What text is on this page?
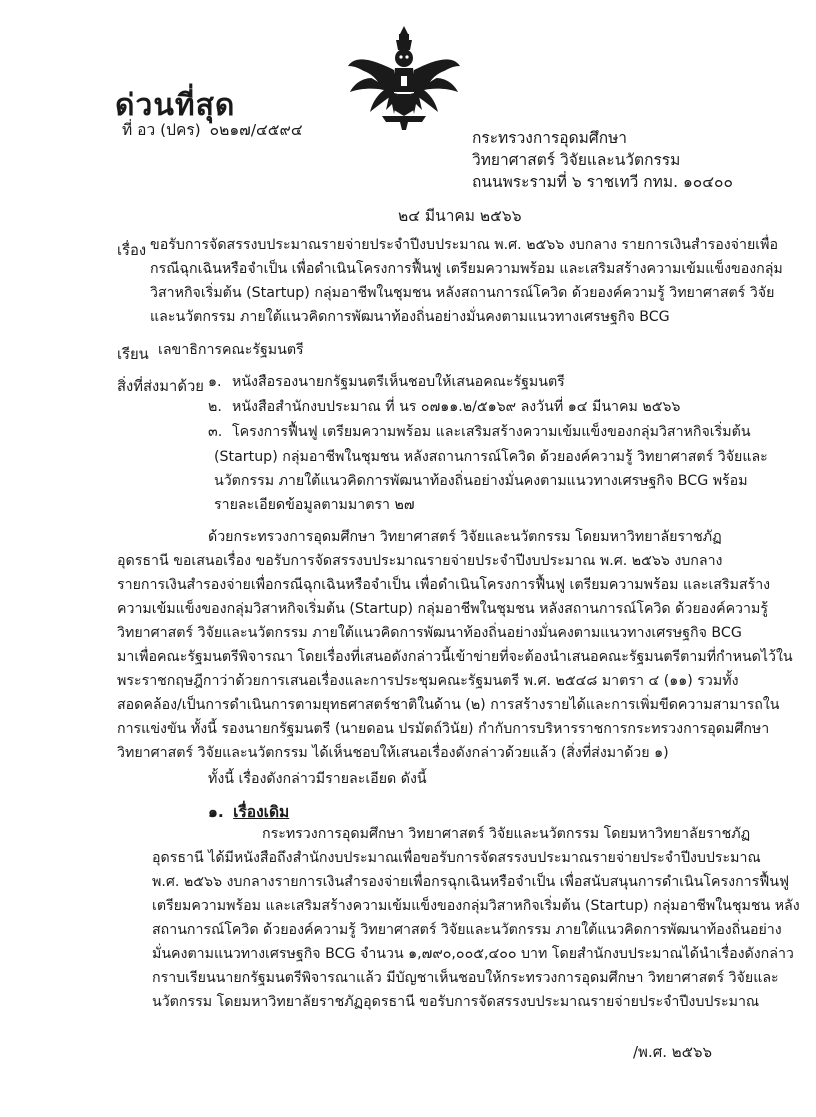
ด่วนที่สุด
ที่ อว (ปคร) ๐๒๑๗/๔๕๙๔	กระทรวงการอุดมศึกษา
วิทยาศาสตร์ วิจัยและนวัตกรรม
ถนนพระรามที่ ๖ ราชเทวี กทม. ๑๐๔๐๐
๒๔ มีนาคม ๒๕๖๖
เรื่อง ขอรับการจัดสรรงบประมาณรายจ่ายประจำปีงบประมาณ พ.ศ. ๒๕๖๖ งบกลาง รายการเงินสำรองจ่ายเพื่อ
กรณีฉุกเฉินหรือจำเป็น เพื่อดำเนินโครงการฟื้นฟู เตรียมความพร้อม และเสริมสร้างความเข้มแข็งของกลุ่ม
วิสาหกิจเริ่มต้น (Startup) กลุ่มอาชีพในชุมชน หลังสถานการณ์โควิด ด้วยองค์ความรู้ วิทยาศาสตร์ วิจัย
และนวัตกรรม ภายใต้แนวคิดการพัฒนาท้องถิ่นอย่างมั่นคงตามแนวทางเศรษฐกิจ BCG
เรียน เลขาธิการคณะรัฐมนตรี
สิ่งที่ส่งมาด้วย ๑. หนังสือรองนายกรัฐมนตรีเห็นชอบให้เสนอคณะรัฐมนตรี
๒. หนังสือสำนักงบประมาณ ที่ นร ๐๗๑๑.๒/๕๑๖๙ ลงวันที่ ๑๔ มีนาคม ๒๕๖๖
๓. โครงการฟื้นฟู เตรียมความพร้อม และเสริมสร้างความเข้มแข็งของกลุ่มวิสาหกิจเริ่มต้น
(Startup) กลุ่มอาชีพในชุมชน หลังสถานการณ์โควิด ด้วยองค์ความรู้ วิทยาศาสตร์ วิจัยและ
นวัตกรรม ภายใต้แนวคิดการพัฒนาท้องถิ่นอย่างมั่นคงตามแนวทางเศรษฐกิจ BCG พร้อม
รายละเอียดข้อมูลตามมาตรา ๒๗
ด้วยกระทรวงการอุดมศึกษา วิทยาศาสตร์ วิจัยและนวัตกรรม โดยมหาวิทยาลัยราชภัฏ
อุดรธานี ขอเสนอเรื่อง ขอรับการจัดสรรงบประมาณรายจ่ายประจำปีงบประมาณ พ.ศ. ๒๕๖๖ งบกลาง
รายการเงินสำรองจ่ายเพื่อกรณีฉุกเฉินหรือจำเป็น เพื่อดำเนินโครงการฟื้นฟู เตรียมความพร้อม และเสริมสร้าง
ความเข้มแข็งของกลุ่มวิสาหกิจเริ่มต้น (Startup) กลุ่มอาชีพในชุมชน หลังสถานการณ์โควิด ด้วยองค์ความรู้
วิทยาศาสตร์ วิจัยและนวัตกรรม ภายใต้แนวคิดการพัฒนาท้องถิ่นอย่างมั่นคงตามแนวทางเศรษฐกิจ BCG
มาเพื่อคณะรัฐมนตรีพิจารณา โดยเรื่องที่เสนอดังกล่าวนี้เข้าข่ายที่จะต้องนำเสนอคณะรัฐมนตรีตามที่กำหนดไว้ใน
พระราชกฤษฎีกาว่าด้วยการเสนอเรื่องและการประชุมคณะรัฐมนตรี พ.ศ. ๒๕๔๘ มาตรา ๔ (๑๑) รวมทั้ง
สอดคล้อง/เป็นการดำเนินการตามยุทธศาสตร์ชาติในด้าน (๒) การสร้างรายได้และการเพิ่มขีดความสามารถใน
การแข่งขัน ทั้งนี้ รองนายกรัฐมนตรี (นายดอน ปรมัตถ์วินัย) กำกับการบริหารราชการกระทรวงการอุดมศึกษา
วิทยาศาสตร์ วิจัยและนวัตกรรม ได้เห็นชอบให้เสนอเรื่องดังกล่าวด้วยแล้ว (สิ่งที่ส่งมาด้วย ๑)
ทั้งนี้ เรื่องดังกล่าวมีรายละเอียด ดังนี้
๑. เรื่องเดิม
กระทรวงการอุดมศึกษา วิทยาศาสตร์ วิจัยและนวัตกรรม โดยมหาวิทยาลัยราชภัฏ
อุดรธานี ได้มีหนังสือถึงสำนักงบประมาณเพื่อขอรับการจัดสรรงบประมาณรายจ่ายประจำปีงบประมาณ
พ.ศ. ๒๕๖๖ งบกลางรายการเงินสำรองจ่ายเพื่อกรฉุกเฉินหรือจำเป็น เพื่อสนับสนุนการดำเนินโครงการฟื้นฟู
เตรียมความพร้อม และเสริมสร้างความเข้มแข็งของกลุ่มวิสาหกิจเริ่มต้น (Startup) กลุ่มอาชีพในชุมชน หลัง
สถานการณ์โควิด ด้วยองค์ความรู้ วิทยาศาสตร์ วิจัยและนวัตกรรม ภายใต้แนวคิดการพัฒนาท้องถิ่นอย่าง
มั่นคงตามแนวทางเศรษฐกิจ BCG จำนวน ๑,๗๙๐,๐๐๕,๔๐๐ บาท โดยสำนักงบประมาณได้นำเรื่องดังกล่าว
กราบเรียนนายกรัฐมนตรีพิจารณาแล้ว มีบัญชาเห็นชอบให้กระทรวงการอุดมศึกษา วิทยาศาสตร์ วิจัยและ
นวัตกรรม โดยมหาวิทยาลัยราชภัฏอุดรธานี ขอรับการจัดสรรงบประมาณรายจ่ายประจำปีงบประมาณ
/พ.ศ. ๒๕๖๖
